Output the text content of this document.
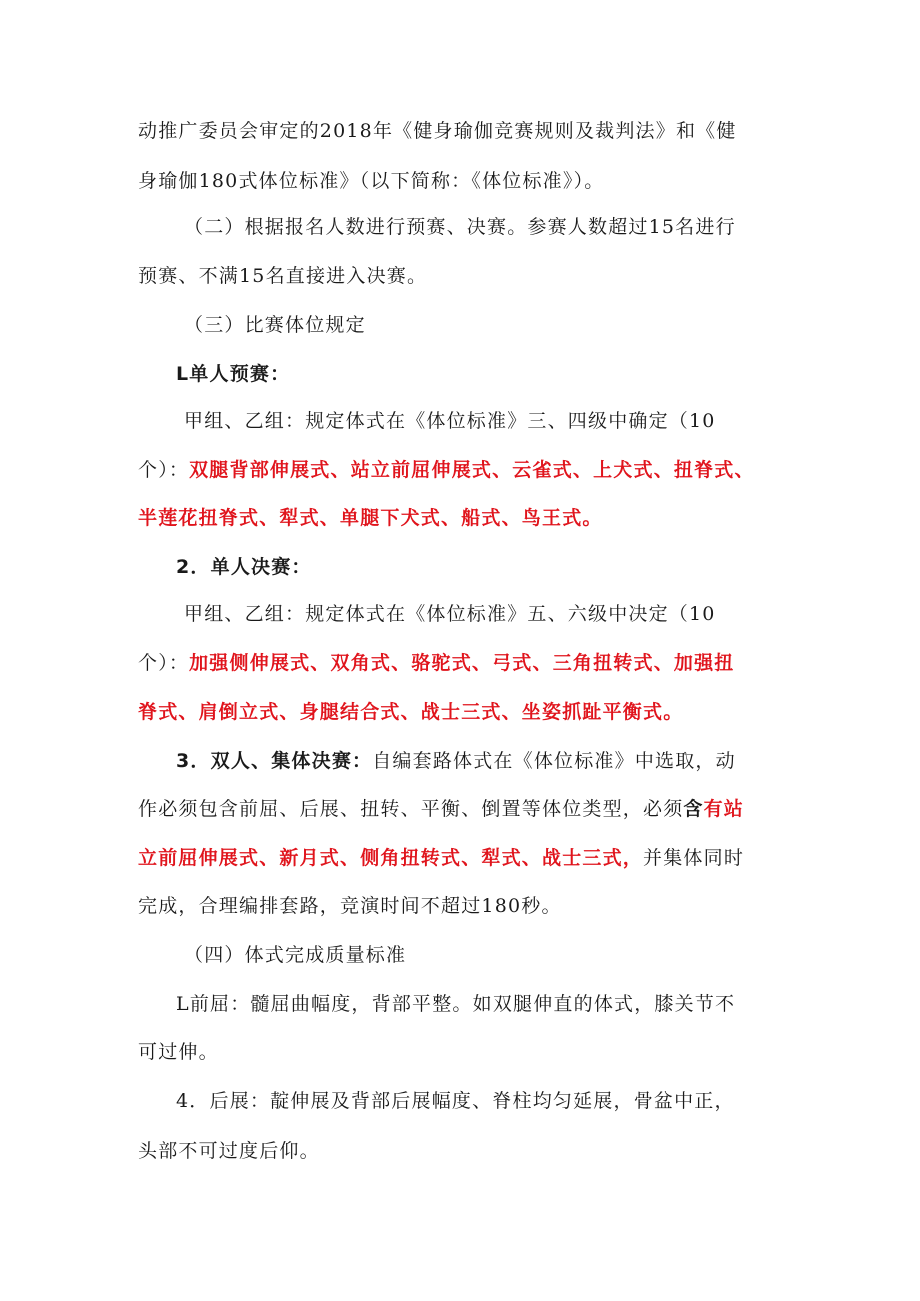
动推广委员会审定的2018年《健身瑜伽竞赛规则及裁判法》和《健
身瑜伽180式体位标准》（以下简称：《体位标准》）。
（二）根据报名人数进行预赛、决赛。参赛人数超过15名进行
预赛、不满15名直接进入决赛。
（三）比赛体位规定
L单人预赛：
甲组、乙组：规定体式在《体位标准》三、四级中确定（10
个）：双腿背部伸展式、站立前屈伸展式、云雀式、上犬式、扭脊式、
半莲花扭脊式、犁式、单腿下犬式、船式、鸟王式。
2．单人决赛：
甲组、乙组：规定体式在《体位标准》五、六级中决定（10
个）：加强侧伸展式、双角式、骆驼式、弓式、三角扭转式、加强扭
脊式、肩倒立式、身腿结合式、战士三式、坐姿抓趾平衡式。
3．双人、集体决赛：自编套路体式在《体位标准》中选取，动
作必须包含前屈、后展、扭转、平衡、倒置等体位类型，必须含有站
立前屈伸展式、新月式、侧角扭转式、犁式、战士三式，并集体同时
完成，合理编排套路，竞演时间不超过180秒。
（四）体式完成质量标准
L前屈：髓屈曲幅度，背部平整。如双腿伸直的体式，膝关节不
可过伸。
4．后展：靛伸展及背部后展幅度、脊柱均匀延展，骨盆中正，
头部不可过度后仰。
